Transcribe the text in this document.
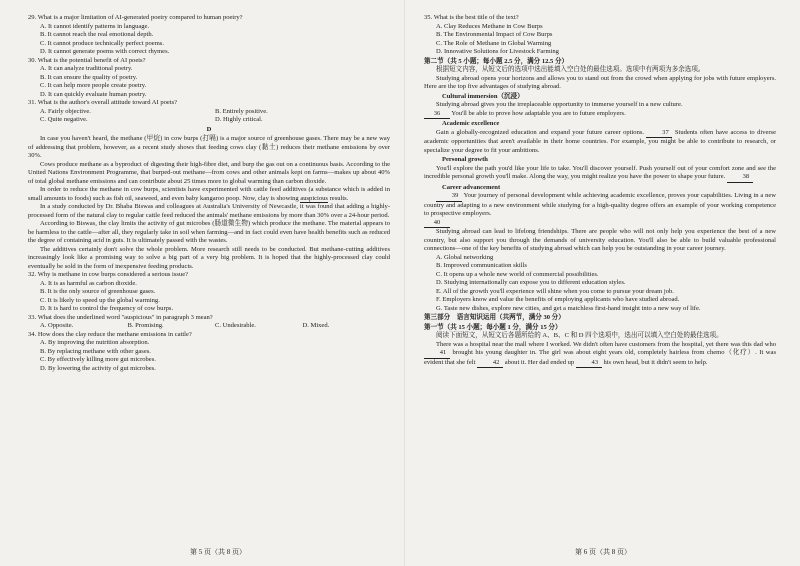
29. What is a major limitation of AI-generated poetry compared to human poetry?

A. It cannot identify patterns in language.

B. It cannot reach the real emotional depth.

C. It cannot produce technically perfect poems.

D. It cannot generate poems with correct rhymes.

30. What is the potential benefit of AI poets?

A. It can analyze traditional poetry.

B. It can ensure the quality of poetry.

C. It can help more people create poetry.

D. It can quickly evaluate human poetry.

31. What is the author's overall attitude toward AI poets?

A. Fairly objective.	B. Entirely positive.
C. Quite negative.	D. Highly critical.

D

In case you haven't heard, the methane (甲烷) in cow burps (打嗝) is a major source of greenhouse gases. There may be a new way of addressing that problem, however, as a recent study shows that feeding cows clay (黏土) reduces their methane emissions by over 30%.

Cows produce methane as a byproduct of digesting their high-fibre diet, and burp the gas out on a continuous basis. According to the United Nations Environment Programme, that burped-out methane—from cows and other animals kept on farms—makes up about 40% of total global methane emissions and can contribute about 25 times more to global warming than carbon dioxide.

In order to reduce the methane in cow burps, scientists have experimented with cattle feed additives (a substance which is added in small amounts to foods) such as fish oil, seaweed, and even baby kangaroo poop. Now, clay is showing auspicious results.

In a study conducted by Dr. Bhaba Biswas and colleagues at Australia's University of Newcastle, it was found that adding a highly-processed form of the natural clay to regular cattle feed reduced the animals' methane emissions by more than 30% over a 24-hour period.

According to Biswas, the clay limits the activity of gut microbes (肠道微生物) which produce the methane. The material appears to be harmless to the cattle—after all, they regularly take in soil when farming—and in fact could even have health benefits such as reduced the degree of containing acid in guts. It is ultimately passed with the wastes.

The additives certainly don't solve the whole problem. More research still needs to be conducted. But methane-cutting additives increasingly look like a promising way to solve a big part of a very big problem. It is hoped that the highly-processed clay could eventually be sold in the form of inexpensive feeding products.

32. Why is methane in cow burps considered a serious issue?

A. It is as harmful as carbon dioxide.

B. It is the only source of greenhouse gases.

C. It is likely to speed up the global warming.

D. It is hard to control the frequency of cow burps.

33. What does the underlined word "auspicious" in paragraph 3 mean?

A. Opposite.	B. Promising.	C. Undesirable.	D. Mixed.

34. How does the clay reduce the methane emissions in cattle?

A. By improving the nutrition absorption.

B. By replacing methane with other gases.

C. By effectively killing more gut microbes.

D. By lowering the activity of gut microbes.

第 5 页（共 8 页）

35. What is the best title of the text?

A. Clay Reduces Methane in Cow Burps

B. The Environmental Impact of Cow Burps

C. The Role of Methane in Global Warming

D. Innovative Solutions for Livestock Farming

第二节（共 5 小题；每小题 2.5 分，满分 12.5 分）

根据短文内容，从短文后的选项中选出能填入空白处的最佳选项。选项中有两项为多余选项。

Studying abroad opens your horizons and allows you to stand out from the crowd when applying for jobs with future employers. Here are the top five advantages of studying abroad.

Cultural immersion（沉浸）

Studying abroad gives you the irreplaceable opportunity to immerse yourself in a new culture.

36 You'll be able to prove how adaptable you are to future employers.

Academic excellence

Gain a globally-recognized education and expand your future career options.	37 Students often have access to diverse academic opportunities that aren't available in their home countries. For example, you might be able to contribute to research, or specialize your degree to fit your ambitions.

Personal growth

You'll explore the path you'd like your life to take. You'll discover yourself. Push yourself out of your comfort zone and see the incredible personal growth you'll make. Along the way, you might realize you have the power to shape your future.	38

Career advancement

39 Your journey of personal development while achieving academic excellence, proves your capabilities. Living in a new country and adapting to a new environment while studying for a high-quality degree offers an example of your working competence to prospective employers.

40

Studying abroad can lead to lifelong friendships. There are people who will not only help you experience the best of a new country, but also support you through the demands of university education. You'll also be able to build valuable professional connections—one of the key benefits of studying abroad which can help you be outstanding in your career journey.

A. Global networking

B. Improved communication skills

C. It opens up a whole new world of commercial possibilities.

D. Studying internationally can expose you to different education styles.

E. All of the growth you'll experience will shine when you come to pursue your dream job.

F. Employers know and value the benefits of employing applicants who have studied abroad.

G. Taste new dishes, explore new cities, and get a matchless first-hand insight into a new way of life.

第三部分　语言知识运用（共两节，满分 30 分）

第一节（共 15 小题；每小题 1 分，满分 15 分）

阅读下面短文，从短文后各题所给的 A、B、C 和 D 四个选项中，选出可以填入空白处的最佳选项。

There was a hospital near the mall where I worked. We didn't often have customers from the hospital, yet there was this dad who 41 brought his young daughter in. The girl was about eight years old, completely hairless from chemo（化疗）. It was evident that she felt	42 about it. Her dad ended up	43 his own head, but it didn't seem to help.

第 6 页（共 8 页）
